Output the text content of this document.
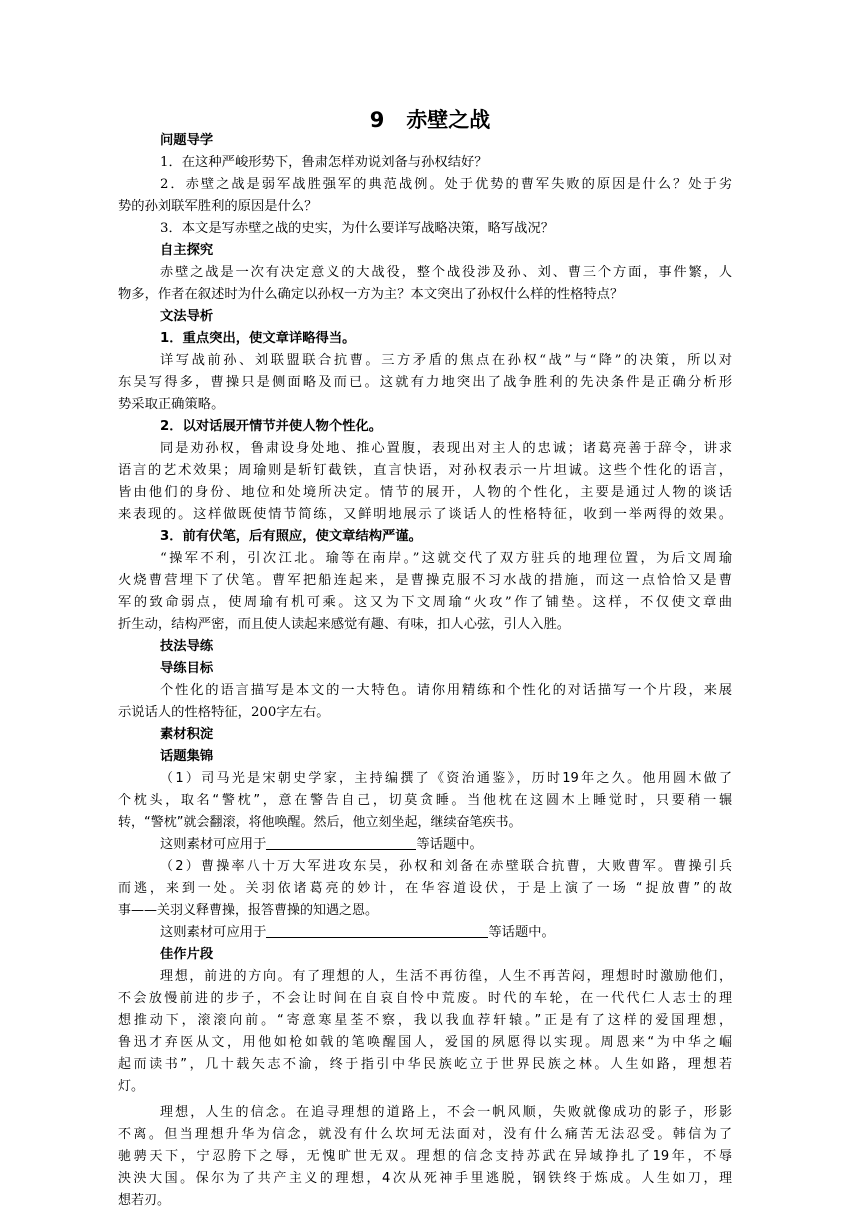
9 赤壁之战
问题导学
1．在这种严峻形势下，鲁肃怎样劝说刘备与孙权结好？
2．赤壁之战是弱军战胜强军的典范战例。处于优势的曹军失败的原因是什么？处于劣
势的孙刘联军胜利的原因是什么？
3．本文是写赤壁之战的史实，为什么要详写战略决策，略写战况？
自主探究
赤壁之战是一次有决定意义的大战役，整个战役涉及孙、刘、曹三个方面，事件繁，人
物多，作者在叙述时为什么确定以孙权一方为主？本文突出了孙权什么样的性格特点？
文法导析
1．重点突出，使文章详略得当。
详写战前孙、刘联盟联合抗曹。三方矛盾的焦点在孙权“战”与“降”的决策，所以对
东吴写得多，曹操只是侧面略及而已。这就有力地突出了战争胜利的先决条件是正确分析形
势采取正确策略。
2．以对话展开情节并使人物个性化。
同是劝孙权，鲁肃设身处地、推心置腹，表现出对主人的忠诚；诸葛亮善于辞令，讲求
语言的艺术效果；周瑜则是斩钉截铁，直言快语，对孙权表示一片坦诚。这些个性化的语言，
皆由他们的身份、地位和处境所决定。情节的展开，人物的个性化，主要是通过人物的谈话
来表现的。这样做既使情节简练，又鲜明地展示了谈话人的性格特征，收到一举两得的效果。
3．前有伏笔，后有照应，使文章结构严谨。
“操军不利，引次江北。瑜等在南岸。”这就交代了双方驻兵的地理位置，为后文周瑜
火烧曹营埋下了伏笔。曹军把船连起来，是曹操克服不习水战的措施，而这一点恰恰又是曹
军的致命弱点，使周瑜有机可乘。这又为下文周瑜“火攻”作了铺垫。这样，不仅使文章曲
折生动，结构严密，而且使人读起来感觉有趣、有味，扣人心弦，引人入胜。
技法导练
导练目标
个性化的语言描写是本文的一大特色。请你用精练和个性化的对话描写一个片段，来展
示说话人的性格特征，200字左右。
素材积淀
话题集锦
（1）司马光是宋朝史学家，主持编撰了《资治通鉴》，历时19年之久。他用圆木做了
个枕头，取名“警枕”，意在警告自己，切莫贪睡。当他枕在这圆木上睡觉时，只要稍一辗
转，“警枕”就会翻滚，将他唤醒。然后，他立刻坐起，继续奋笔疾书。
这则素材可应用于	等话题中。
（2）曹操率八十万大军进攻东吴，孙权和刘备在赤壁联合抗曹，大败曹军。曹操引兵
而逃，来到一处。关羽依诸葛亮的妙计，在华容道设伏，于是上演了一场 “捉放曹”的故
事——关羽义释曹操，报答曹操的知遇之恩。
这则素材可应用于	等话题中。
佳作片段
理想，前进的方向。有了理想的人，生活不再彷徨，人生不再苦闷，理想时时激励他们，
不会放慢前进的步子，不会让时间在自哀自怜中荒废。时代的车轮，在一代代仁人志士的理
想推动下，滚滚向前。“寄意寒星荃不察，我以我血荐轩辕。”正是有了这样的爱国理想，
鲁迅才弃医从文，用他如枪如戟的笔唤醒国人，爱国的夙愿得以实现。周恩来“为中华之崛
起而读书”，几十载矢志不渝，终于指引中华民族屹立于世界民族之林。人生如路，理想若
灯。
理想，人生的信念。在追寻理想的道路上，不会一帆风顺，失败就像成功的影子，形影
不离。但当理想升华为信念，就没有什么坎坷无法面对，没有什么痛苦无法忍受。韩信为了
驰骋天下，宁忍胯下之辱，无愧旷世无双。理想的信念支持苏武在异域挣扎了19年，不辱
泱泱大国。保尔为了共产主义的理想，4次从死神手里逃脱，钢铁终于炼成。人生如刀，理
想若刃。
